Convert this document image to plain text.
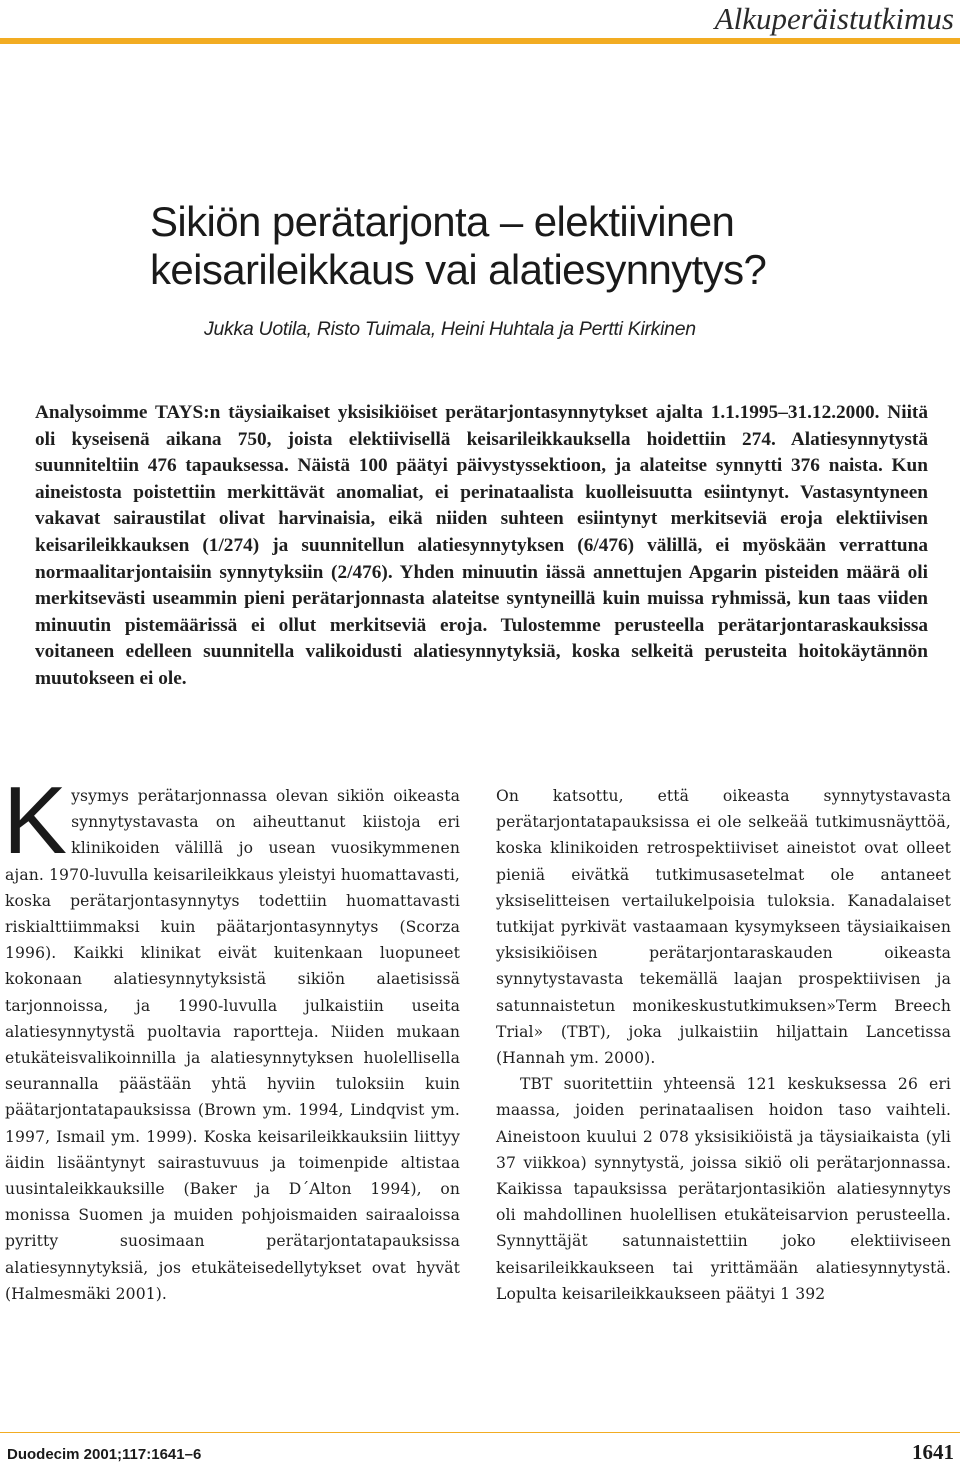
Alkuperäistutkimus
Sikiön perätarjonta – elektiivinen keisarileikkaus vai alatiesynnytys?
Jukka Uotila, Risto Tuimala, Heini Huhtala ja Pertti Kirkinen

Analysoimme TAYS:n täysiaikaiset yksisikiöiset perätarjontasynnytykset ajalta 1.1.1995–31.12.2000. Niitä oli kyseisenä aikana 750, joista elektiivisellä keisarileikkauksella hoidettiin 274. Alatiesynnytystä suunniteltiin 476 tapauksessa. Näistä 100 päätyi päivystyssektioon, ja alateitse synnytti 376 naista. Kun aineistosta poistettiin merkittävät anomaliat, ei perinataalista kuolleisuutta esiintynyt. Vastasyntyneen vakavat sairaustilat olivat harvinaisia, eikä niiden suhteen esiintynyt merkitseviä eroja elektiivisen keisarileikkauksen (1/274) ja suunnitellun alatiesynnytyksen (6/476) välillä, ei myöskään verrattuna normaalitarjontaisiin synnytyksiin (2/476). Yhden minuutin iässä annettujen Apgarin pisteiden määrä oli merkitsevästi useammin pieni perätarjonnasta alateitse syntyneillä kuin muissa ryhmissä, kun taas viiden minuutin pistemäärissä ei ollut merkitseviä eroja. Tulostemme perusteella perätarjontaraskauksissa voitaneen edelleen suunnitella valikoidusti alatiesynnytyksiä, koska selkeitä perusteita hoitokäytännön muutokseen ei ole.

Kysymys perätarjonnassa olevan sikiön oikeasta synnytystavasta on aiheuttanut kiistoja eri klinikoiden välillä jo usean vuosikymmenen ajan. 1970-luvulla keisarileikkaus yleistyi huomattavasti, koska perätarjontasynnytys todettiin huomattavasti riskialttiimmaksi kuin päätarjontasynnytys (Scorza 1996). Kaikki klinikat eivät kuitenkaan luopuneet kokonaan alatiesynnytyksistä sikiön alaetisissä tarjonnoissa, ja 1990-luvulla julkaistiin useita alatiesynnytystä puoltavia raportteja. Niiden mukaan etukäteisvalikoinnilla ja alatiesynnytyksen huolellisella seurannalla päästään yhtä hyviin tuloksiin kuin päätarjontatapauksissa (Brown ym. 1994, Lindqvist ym. 1997, Ismail ym. 1999). Koska keisarileikkauksiin liittyy äidin lisääntynyt sairastuvuus ja toimenpide altistaa uusintaleikkauksille (Baker ja D´Alton 1994), on monissa Suomen ja muiden pohjoismaiden sairaaloissa pyritty suosimaan perätarjontatapauksissa alatiesynnytyksiä, jos etukäteisedellytykset ovat hyvät (Halmesmäki 2001).

On katsottu, että oikeasta synnytystavasta perätarjontatapauksissa ei ole selkeää tutkimusnäyttöä, koska klinikoiden retrospektiiviset aineistot ovat olleet pieniä eivätkä tutkimusasetelmat ole antaneet yksiselitteisen vertailukelpoisia tuloksia. Kanadalaiset tutkijat pyrkivät vastaamaan kysymykseen täysiaikaisen yksisikiöisen perätarjontaraskauden oikeasta synnytystavasta tekemällä laajan prospektiivisen ja satunnaistetun monikeskustutkimuksen»Term Breech Trial» (TBT), joka julkaistiin hiljattain Lancetissa (Hannah ym. 2000).

TBT suoritettiin yhteensä 121 keskuksessa 26 eri maassa, joiden perinataalisen hoidon taso vaihteli. Aineistoon kuului 2 078 yksisikiöistä ja täysiaikaista (yli 37 viikkoa) synnytystä, joissa sikiö oli perätarjonnassa. Kaikissa tapauksissa perätarjontasikiön alatiesynnytys oli mahdollinen huolellisen etukäteisarvion perusteella. Synnyttäjät satunnaistettiin joko elektiiviseen keisarileikkaukseen tai yrittämään alatiesynnytystä. Lopulta keisarileikkaukseen päätyi 1 392

Duodecim 2001;117:1641–6	1641
